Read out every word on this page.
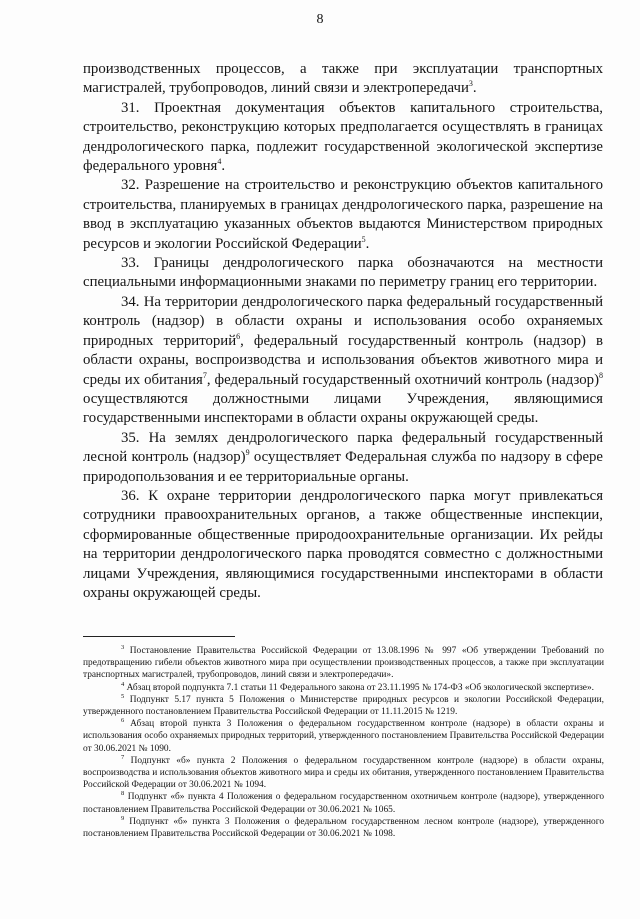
8

производственных процессов, а также при эксплуатации транспортных магистралей, трубопроводов, линий связи и электропередачи$^3$.

31. Проектная документация объектов капитального строительства, строительство, реконструкцию которых предполагается осуществлять в границах дендрологического парка, подлежит государственной экологической экспертизе федерального уровня$^4$.

32. Разрешение на строительство и реконструкцию объектов капитального строительства, планируемых в границах дендрологического парка, разрешение на ввод в эксплуатацию указанных объектов выдаются Министерством природных ресурсов и экологии Российской Федерации$^5$.

33. Границы дендрологического парка обозначаются на местности специальными информационными знаками по периметру границ его территории.

34. На территории дендрологического парка федеральный государственный контроль (надзор) в области охраны и использования особо охраняемых природных территорий$^6$, федеральный государственный контроль (надзор) в области охраны, воспроизводства и использования объектов животного мира и среды их обитания$^7$, федеральный государственный охотничий контроль (надзор)$^8$ осуществляются должностными лицами Учреждения, являющимися государственными инспекторами в области охраны окружающей среды.

35. На землях дендрологического парка федеральный государственный лесной контроль (надзор)$^9$ осуществляет Федеральная служба по надзору в сфере природопользования и ее территориальные органы.

36. К охране территории дендрологического парка могут привлекаться сотрудники правоохранительных органов, а также общественные инспекции, сформированные общественные природоохранительные организации. Их рейды на территории дендрологического парка проводятся совместно с должностными лицами Учреждения, являющимися государственными инспекторами в области охраны окружающей среды.

$^3$ Постановление Правительства Российской Федерации от 13.08.1996 № 997 «Об утверждении Требований по предотвращению гибели объектов животного мира при осуществлении производственных процессов, а также при эксплуатации транспортных магистралей, трубопроводов, линий связи и электропередачи».

$^4$ Абзац второй подпункта 7.1 статьи 11 Федерального закона от 23.11.1995 № 174-ФЗ «Об экологической экспертизе».

$^5$ Подпункт 5.17 пункта 5 Положения о Министерстве природных ресурсов и экологии Российской Федерации, утвержденного постановлением Правительства Российской Федерации от 11.11.2015 № 1219.

$^6$ Абзац второй пункта 3 Положения о федеральном государственном контроле (надзоре) в области охраны и использования особо охраняемых природных территорий, утвержденного постановлением Правительства Российской Федерации от 30.06.2021 № 1090.

$^7$ Подпункт «б» пункта 2 Положения о федеральном государственном контроле (надзоре) в области охраны, воспроизводства и использования объектов животного мира и среды их обитания, утвержденного постановлением Правительства Российской Федерации от 30.06.2021 № 1094.

$^8$ Подпункт «б» пункта 4 Положения о федеральном государственном охотничьем контроле (надзоре), утвержденного постановлением Правительства Российской Федерации от 30.06.2021 № 1065.

$^9$ Подпункт «б» пункта 3 Положения о федеральном государственном лесном контроле (надзоре), утвержденного постановлением Правительства Российской Федерации от 30.06.2021 № 1098.
